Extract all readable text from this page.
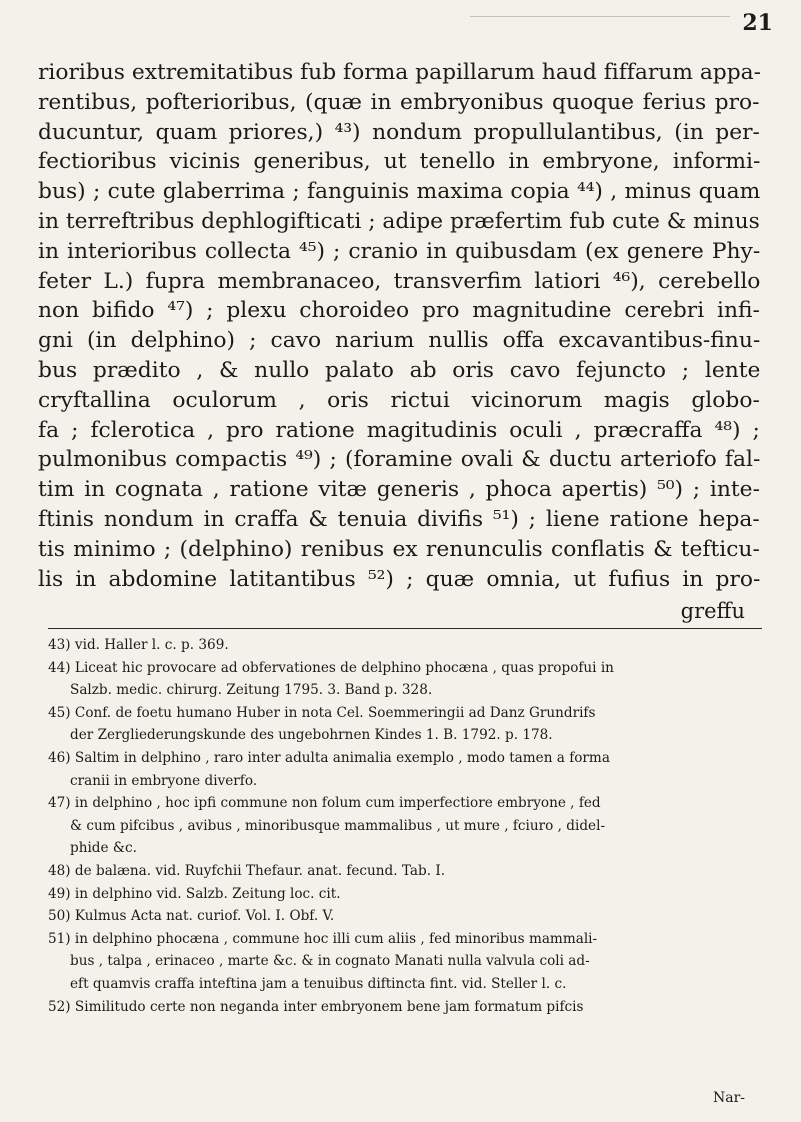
21
rioribus extremitatibus fub forma papillarum haud fiffarum appa-
rentibus, pofterioribus, (quæ in embryonibus quoque ferius pro-
ducuntur, quam priores,) ⁴³) nondum propullulantibus, (in per-
fectioribus vicinis generibus, ut tenello in embryone, informi-
bus) ; cute glaberrima ; fanguinis maxima copia ⁴⁴) , minus quam
in terreftribus dephlogifticati ; adipe præfertim fub cute & minus
in interioribus collecta ⁴⁵) ; cranio in quibusdam (ex genere Phy-
feter L.) fupra membranaceo, transverfim latiori ⁴⁶), cerebello
non bifido ⁴⁷) ; plexu choroideo pro magnitudine cerebri infi-
gni (in delphino) ; cavo narium nullis offa excavantibus-finu-
bus prædito , & nullo palato ab oris cavo fejuncto ; lente
cryftallina oculorum , oris rictui vicinorum magis globo-
fa ; fclerotica , pro ratione magitudinis oculi , præcraffa ⁴⁸) ;
pulmonibus compactis ⁴⁹) ; (foramine ovali & ductu arteriofo fal-
tim in cognata , ratione vitæ generis , phoca apertis) ⁵⁰) ; inte-
ftinis nondum in craffa & tenuia divifis ⁵¹) ; liene ratione hepa-
tis minimo ; (delphino) renibus ex renunculis conflatis & tefticu-
lis in abdomine latitantibus ⁵²) ; quæ omnia, ut fufius in pro-
greffu
43) vid. Haller l. c. p. 369.
44) Liceat hic provocare ad obfervationes de delphino phocæna , quas propofui in
Salzb. medic. chirurg. Zeitung 1795. 3. Band p. 328.
45) Conf. de foetu humano Huber in nota Cel. Soemmeringii ad Danz Grundrifs
der Zergliederungskunde des ungebohrnen Kindes 1. B. 1792. p. 178.
46) Saltim in delphino , raro inter adulta animalia exemplo , modo tamen a forma
cranii in embryone diverfo.
47) in delphino , hoc ipfi commune non folum cum imperfectiore embryone , fed
& cum pifcibus , avibus , minoribusque mammalibus , ut mure , fciuro , didel-
phide &c.
48) de balæna. vid. Ruyfchii Thefaur. anat. fecund. Tab. I.
49) in delphino vid. Salzb. Zeitung loc. cit.
50) Kulmus Acta nat. curiof. Vol. I. Obf. V.
51) in delphino phocæna , commune hoc illi cum aliis , fed minoribus mammali-
bus , talpa , erinaceo , marte &c. & in cognato Manati nulla valvula coli ad-
eft quamvis craffa inteftina jam a tenuibus diftincta fint. vid. Steller l. c.
52) Similitudo certe non neganda inter embryonem bene jam formatum pifcis
Nar-
